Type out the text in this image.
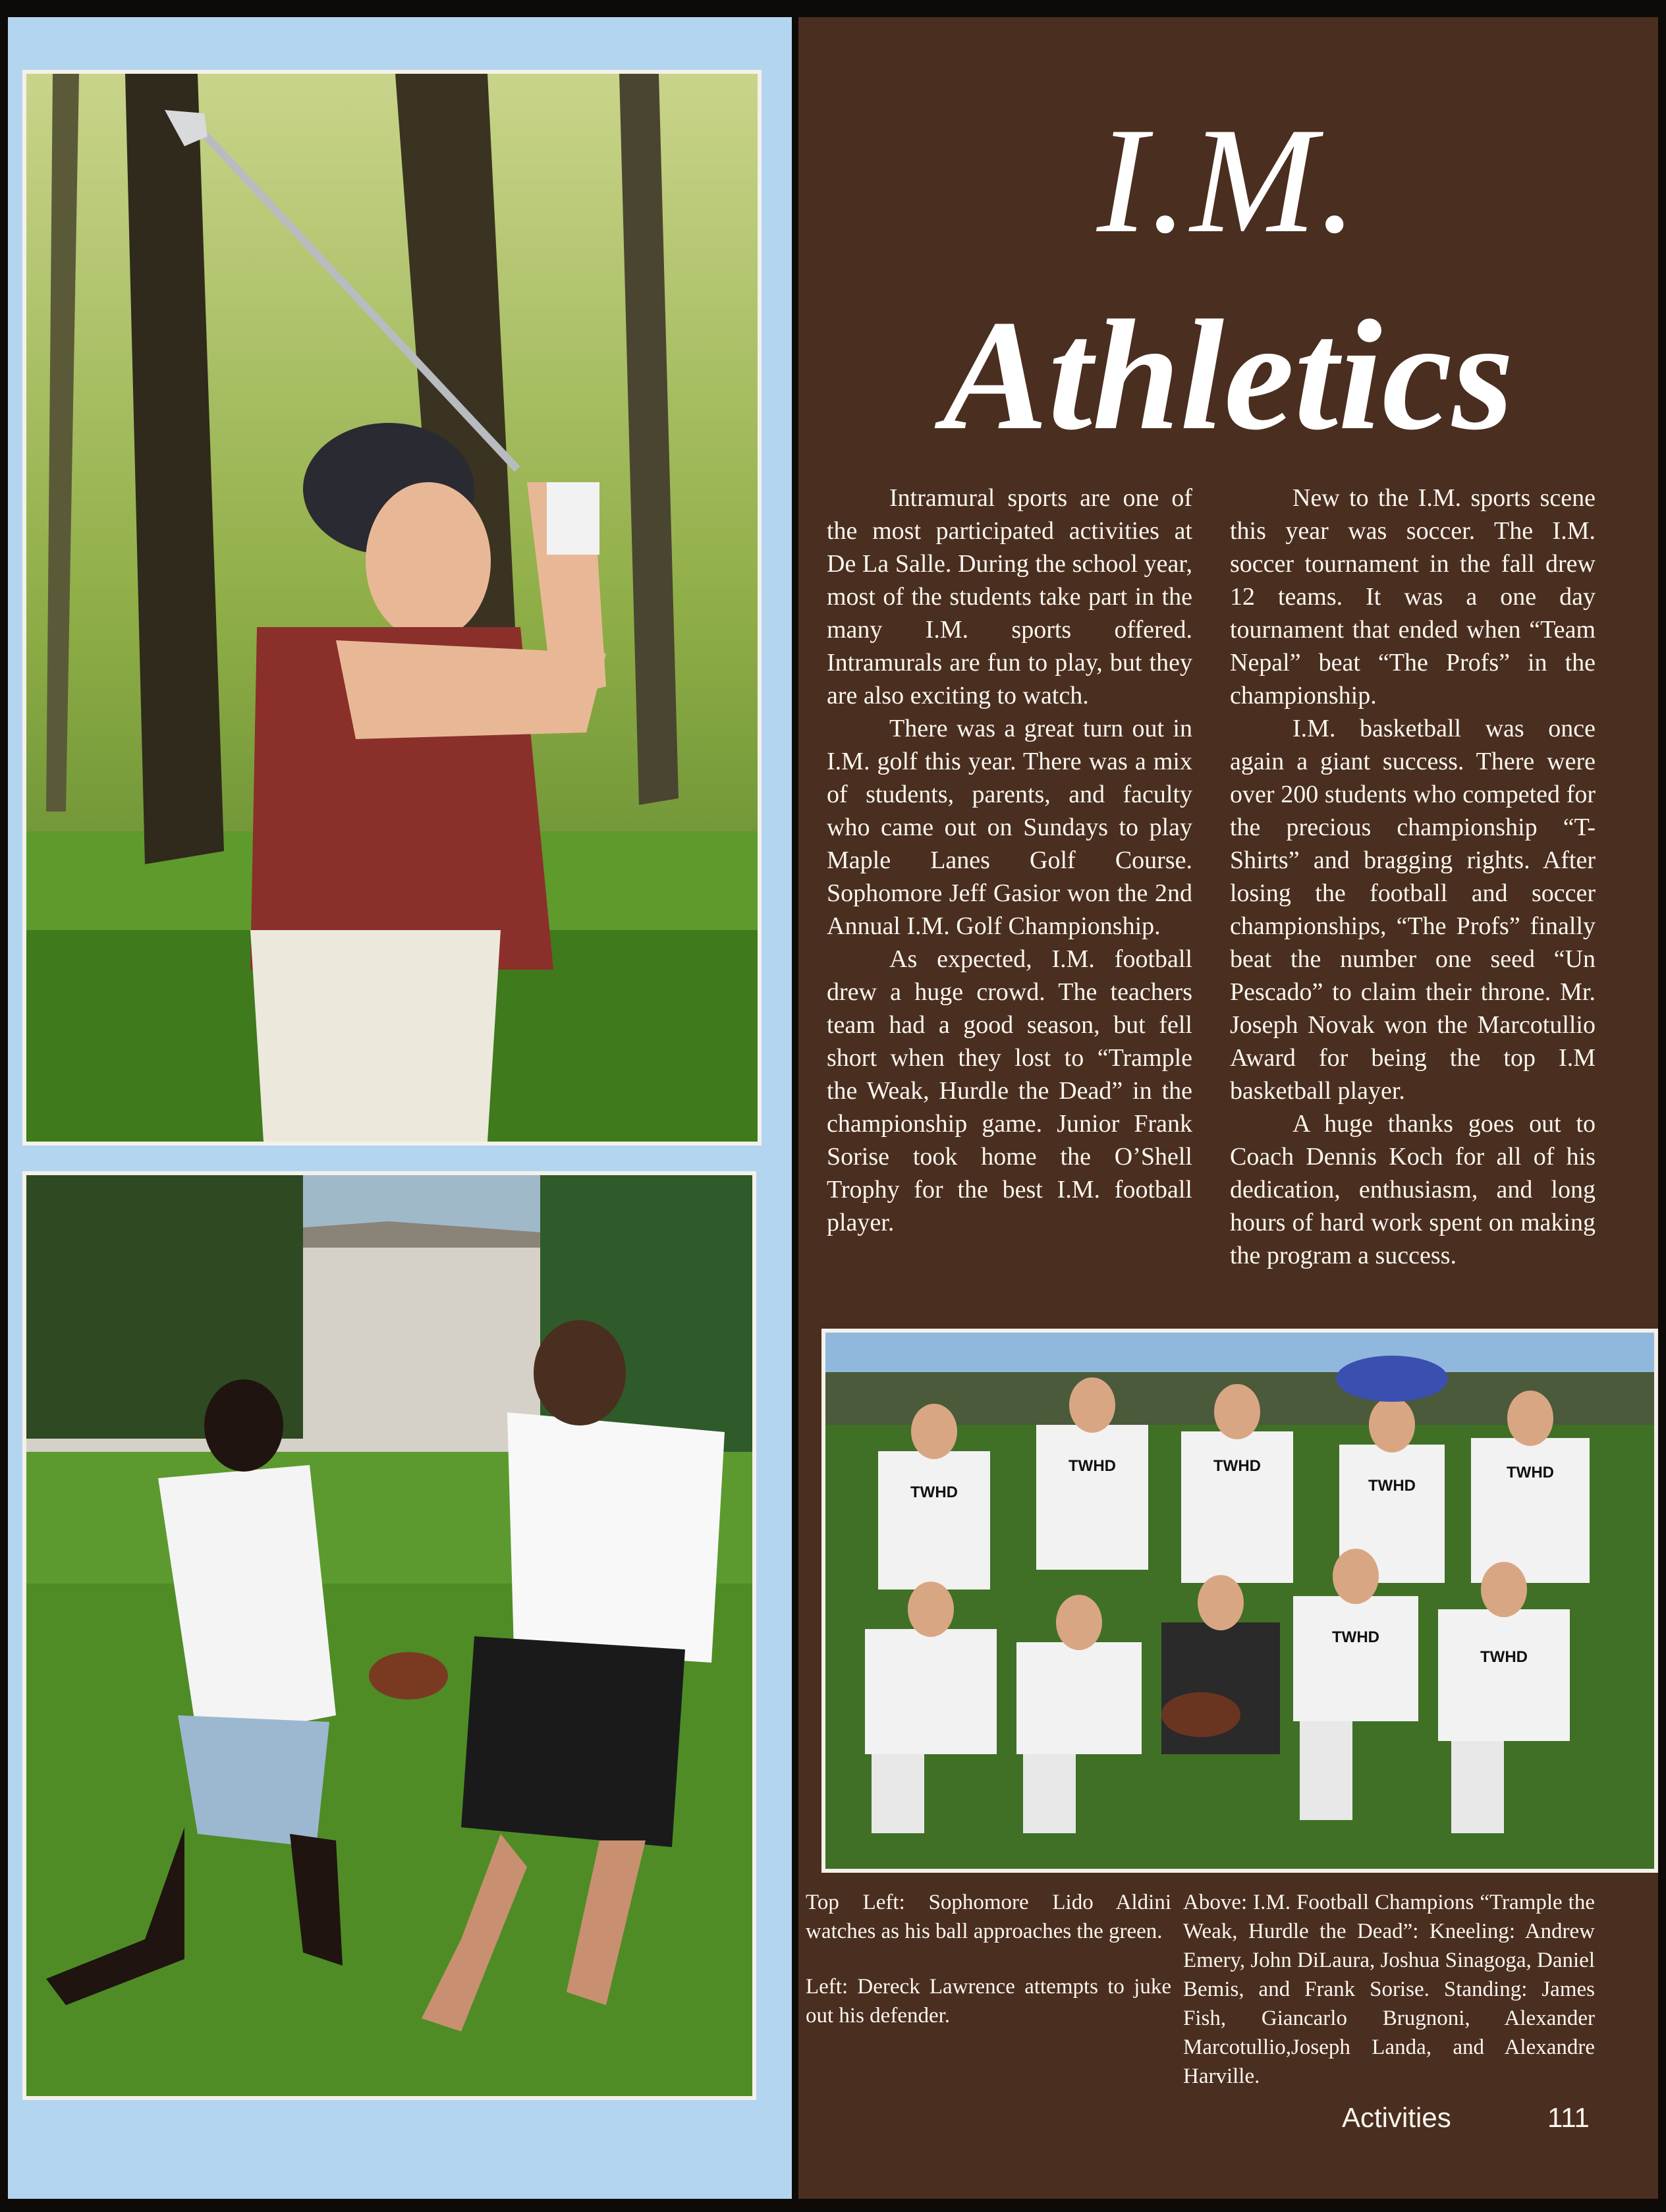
I.M.
Athletics

Intramural sports are one of the most participated activities at De La Salle. During the school year, most of the students take part in the many I.M. sports offered. Intramurals are fun to play, but they are also exciting to watch.

There was a great turn out in I.M. golf this year. There was a mix of students, parents, and faculty who came out on Sundays to play Maple Lanes Golf Course. Sophomore Jeff Gasior won the 2nd Annual I.M. Golf Championship.

As expected, I.M. football drew a huge crowd. The teachers team had a good season, but fell short when they lost to “Trample the Weak, Hurdle the Dead” in the championship game. Junior Frank Sorise took home the O’Shell Trophy for the best I.M. football player.

New to the I.M. sports scene this year was soccer. The I.M. soccer tournament in the fall drew 12 teams. It was a one day tournament that ended when “Team Nepal” beat “The Profs” in the championship.

I.M. basketball was once again a giant success. There were over 200 students who competed for the precious championship “T-Shirts” and bragging rights. After losing the football and soccer championships, “The Profs” finally beat the number one seed “Un Pescado” to claim their throne. Mr. Joseph Novak won the Marcotullio Award for being the top I.M basketball player.

A huge thanks goes out to Coach Dennis Koch for all of his dedication, enthusiasm, and long hours of hard work spent on making the program a success.

TWHD
TWHD	TWHD
TWHD
TWHD
TWHD
TWHD

Above: I.M. Football Champions “Trample the Weak, Hurdle the Dead”: Kneeling: Andrew Emery, John DiLaura, Joshua Sinagoga, Daniel Bemis, and Frank Sorise. Standing: James Fish, Giancarlo Brugnoni, Alexander Marcotullio,Joseph Landa, and Alexandre Harville.

Activities	111

Top Left: Sophomore Lido Aldini watches as his ball approaches the green.

Left: Dereck Lawrence attempts to juke out his defender.
